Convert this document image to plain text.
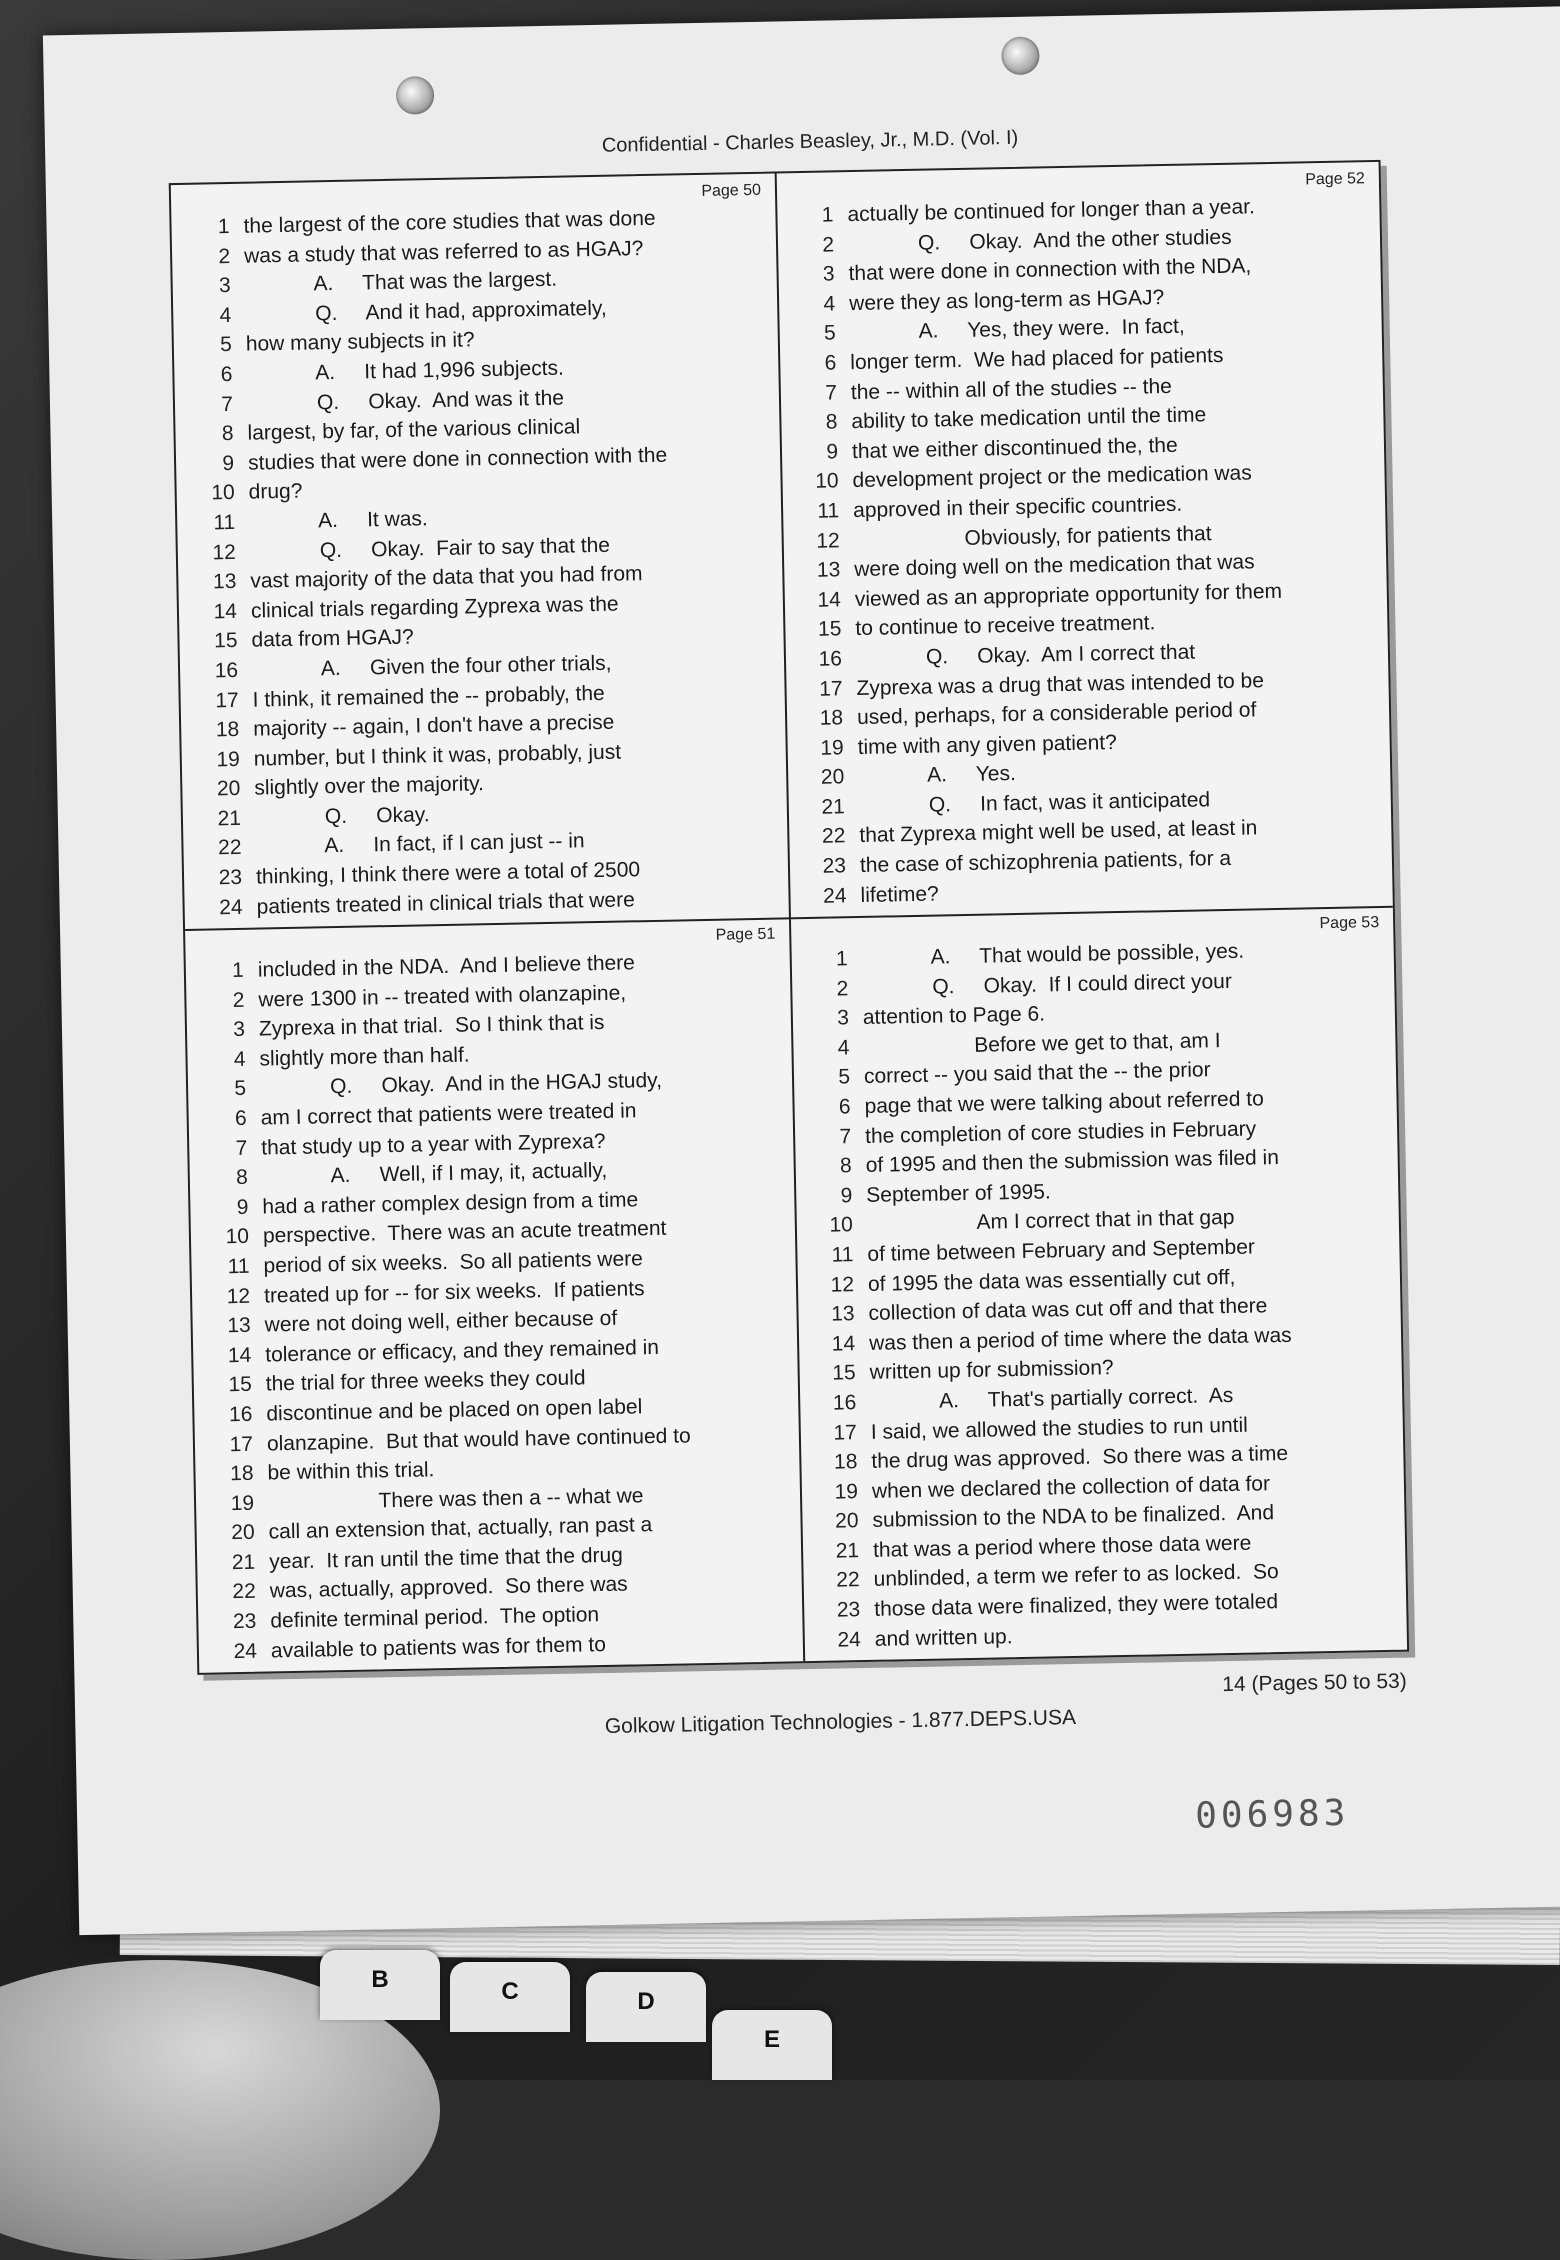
Confidential - Charles Beasley, Jr., M.D. (Vol. I)
Page 50
1 the largest of the core studies that was done
2 was a study that was referred to as HGAJ?
3 A.     That was the largest.
4 Q.     And it had, approximately,
5 how many subjects in it?
6 A.     It had 1,996 subjects.
7 Q.     Okay.  And was it the
8 largest, by far, of the various clinical
9 studies that were done in connection with the
10 drug?
11 A.     It was.
12 Q.     Okay.  Fair to say that the
13 vast majority of the data that you had from
14 clinical trials regarding Zyprexa was the
15 data from HGAJ?
16 A.     Given the four other trials,
17 I think, it remained the -- probably, the
18 majority -- again, I don't have a precise
19 number, but I think it was, probably, just
20 slightly over the majority.
21 Q.     Okay.
22 A.     In fact, if I can just -- in
23 thinking, I think there were a total of 2500
24 patients treated in clinical trials that were
Page 52
1 actually be continued for longer than a year.
2 Q.     Okay.  And the other studies
3 that were done in connection with the NDA,
4 were they as long-term as HGAJ?
5 A.     Yes, they were.  In fact,
6 longer term.  We had placed for patients
7 the -- within all of the studies -- the
8 ability to take medication until the time
9 that we either discontinued the, the
10 development project or the medication was
11 approved in their specific countries.
12 Obviously, for patients that
13 were doing well on the medication that was
14 viewed as an appropriate opportunity for them
15 to continue to receive treatment.
16 Q.     Okay.  Am I correct that
17 Zyprexa was a drug that was intended to be
18 used, perhaps, for a considerable period of
19 time with any given patient?
20 A.     Yes.
21 Q.     In fact, was it anticipated
22 that Zyprexa might well be used, at least in
23 the case of schizophrenia patients, for a
24 lifetime?
Page 51
1 included in the NDA.  And I believe there
2 were 1300 in -- treated with olanzapine,
3 Zyprexa in that trial.  So I think that is
4 slightly more than half.
5 Q.     Okay.  And in the HGAJ study,
6 am I correct that patients were treated in
7 that study up to a year with Zyprexa?
8 A.     Well, if I may, it, actually,
9 had a rather complex design from a time
10 perspective.  There was an acute treatment
11 period of six weeks.  So all patients were
12 treated up for -- for six weeks.  If patients
13 were not doing well, either because of
14 tolerance or efficacy, and they remained in
15 the trial for three weeks they could
16 discontinue and be placed on open label
17 olanzapine.  But that would have continued to
18 be within this trial.
19 There was then a -- what we
20 call an extension that, actually, ran past a
21 year.  It ran until the time that the drug
22 was, actually, approved.  So there was
23 definite terminal period.  The option
24 available to patients was for them to
Page 53
1 A.     That would be possible, yes.
2 Q.     Okay.  If I could direct your
3 attention to Page 6.
4 Before we get to that, am I
5 correct -- you said that the -- the prior
6 page that we were talking about referred to
7 the completion of core studies in February
8 of 1995 and then the submission was filed in
9 September of 1995.
10 Am I correct that in that gap
11 of time between February and September
12 of 1995 the data was essentially cut off,
13 collection of data was cut off and that there
14 was then a period of time where the data was
15 written up for submission?
16 A.     That's partially correct.  As
17 I said, we allowed the studies to run until
18 the drug was approved.  So there was a time
19 when we declared the collection of data for
20 submission to the NDA to be finalized.  And
21 that was a period where those data were
22 unblinded, a term we refer to as locked.  So
23 those data were finalized, they were totaled
24 and written up.
14 (Pages 50 to 53)
Golkow Litigation Technologies - 1.877.DEPS.USA
006983
B	C	D
E
